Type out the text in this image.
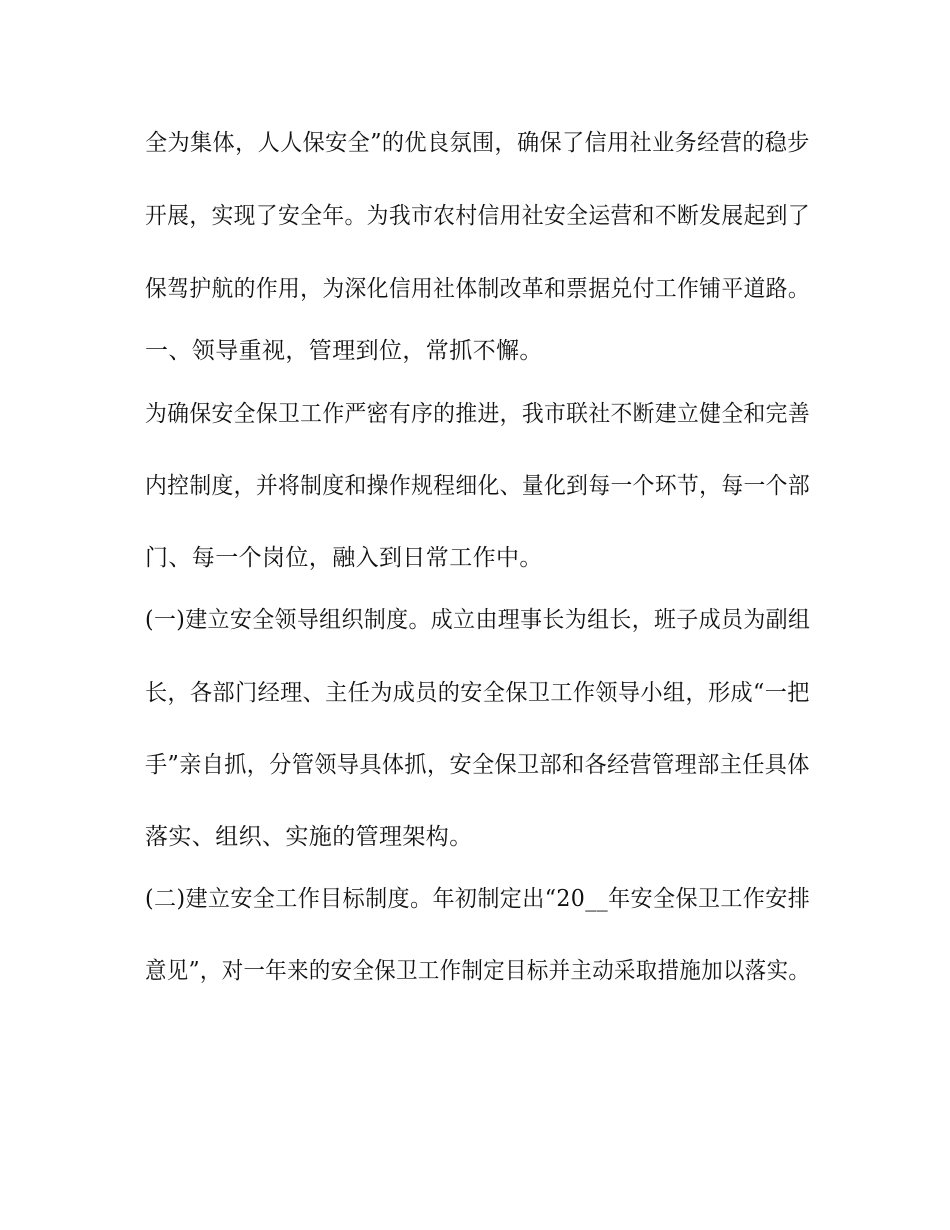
全为集体，人人保安全”的优良氛围，确保了信用社业务经营的稳步
开展，实现了安全年。为我市农村信用社安全运营和不断发展起到了
保驾护航的作用，为深化信用社体制改革和票据兑付工作铺平道路。
一、领导重视，管理到位，常抓不懈。
为确保安全保卫工作严密有序的推进，我市联社不断建立健全和完善
内控制度，并将制度和操作规程细化、量化到每一个环节，每一个部
门、每一个岗位，融入到日常工作中。
(一)建立安全领导组织制度。成立由理事长为组长，班子成员为副组
长，各部门经理、主任为成员的安全保卫工作领导小组，形成“一把
手”亲自抓，分管领导具体抓，安全保卫部和各经营管理部主任具体
落实、组织、实施的管理架构。
(二)建立安全工作目标制度。年初制定出“20__年安全保卫工作安排
意见”，对一年来的安全保卫工作制定目标并主动采取措施加以落实。
